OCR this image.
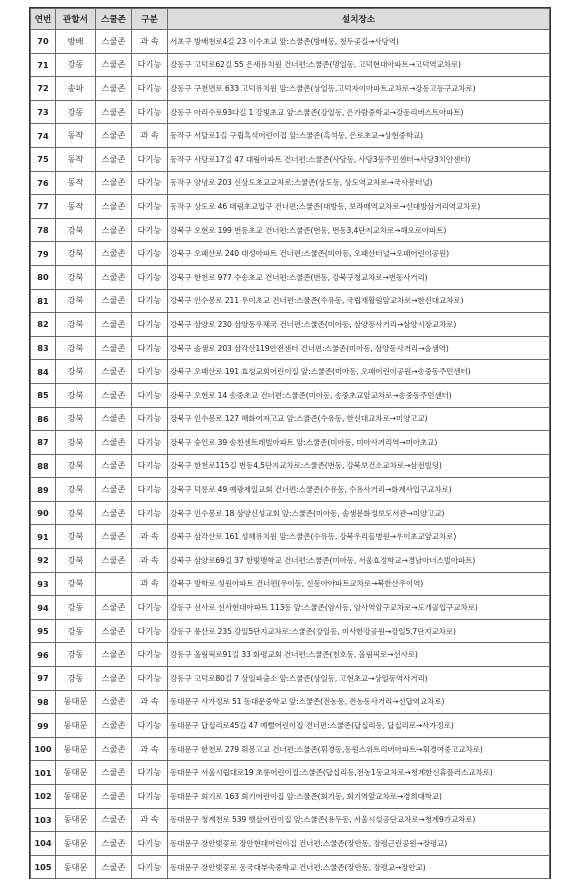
연번	관할서	스쿨존	구분	설치장소
70	방배	스쿨존	과 속	서초구 방배천로4길 23 이수초교 앞:스쿨존(방배동, 청두곶길→사당역)
71	강동	스쿨존	다기능	강동구 고덕로62길 55 은새유치원 건너편:스쿨존(명일동, 고덕현대아파트→고덕역교차로)
72	송파	스쿨존	다기능	강동구 구천면로 633 고덕유치원 앞:스쿨존(상일동,고덕자이아파트교차로→강동고등구교차로)
73	강동	스쿨존	다기능	강동구 아리수로93다길 1 강빛초교 앞:스쿨존(강일동, 은가람중학교→강동리버스트아파트)
74	동작	스쿨존	과 속	동작구 서달로1길 구립흑석어린이집 앞:스쿨존(흑석동, 은로초교→상현중학교)
75	동작	스쿨존	다기능	동작구 사당로17길 47 대림아파트 건너편:스쿨존(사당동, 사당3동주민센터→사당3치안센터)
76	동작	스쿨존	다기능	동작구 양녕로 203 신상도초교교차로:스쿨존(상도동, 상도역교차로→국사봉터널)
77	동작	스쿨존	다기능	동작구 상도로 46 대림초교입구 건너편:스쿨존(대방동, 보라매역교차로→신대방삼거리역교차로)
78	강북	스쿨존	다기능	강북구 오현로 199 번동초교 건너편:스쿨존(번동, 번동3,4단지교차로→해오로아파트)
79	강북	스쿨존	다기능	강북구 오패산로 240 대성아파트 건너편:스쿨존(미아동, 오패산터널→오패어린이공원)
80	강북	스쿨존	다기능	강북구 한천로 977 수송초교 건너편:스쿨존(번동, 강북구청교차로→번동사거리)
81	강북	스쿨존	다기능	강북구 인수봉로 211 우이초교 건너편:스쿨존(수유동, 국립재활원앞교차로→한신대교차로)
82	강북	스쿨존	다기능	강북구 삼양로 230 삼양동우체국 건너편:스쿨존(미아동, 삼양동사거리→삼양시장교차로)
83	강북	스쿨존	다기능	강북구 솔샘로 203 삼각산119안전센터 건너편:스쿨존(미아동, 삼양동사거리→솔샘역)
84	강북	스쿨존	다기능	강북구 오패산로 191 효성교회어린이집 앞:스쿨존(미아동, 오패어린이공원→송중동주민센터)
85	강북	스쿨존	다기능	강북구 오현로 14 송중초교 건너편:스쿨존(미아동, 송중초교앞교차로→송중동주민센터)
86	강북	스쿨존	다기능	강북구 인수봉로 127 혜화여자고교 앞:스쿨존(수유동, 한신대교차로→미양고교)
87	강북	스쿨존	다기능	강북구 숭인로 39 송천센트레빌아파트 앞:스쿨존(미아동, 미아사거리역→미아초교)
88	강북	스쿨존	다기능	강북구 한천로115길 번동4,5단지교차로:스쿨존(번동, 강북보건소교차로→삼전빌딩)
89	강북	스쿨존	다기능	강북구 덕릉로 49 예광제일교회 건너편:스쿨존(수유동, 수유사거리→화계사입구교차로)
90	강북	스쿨존	다기능	강북구 인수봉로 18 삼양신성교회 앞:스쿨존(미아동, 솔샘문화정보도서관→미양고교)
91	강북	스쿨존	과 속	강북구 삼각산로 161 성혜유치원 앞:스쿨존(수유동, 강북우리들병원→우이초교앞교차로)
92	강북	스쿨존	과 속	강북구 삼양로69길 37 한빛맹학교 건너편:스쿨존(미아동, 서울효정학교→경남아너스빌아파트)
93	강북		과 속	강북구 방학로 성원아파트 건너편(우이동, 신동아아파트교차로→북한산우이역)
94	강동	스쿨존	다기능	강동구 선사로 선사현대아파트 113동 앞:스쿨존(암사동, 암사역암구교차로→도개골입구교차로)
95	강동	스쿨존	다기능	강동구 풍산로 235 강일5단지교차로:스쿨존(강일동, 미사한강공원→강일5,7단지교차로)
96	강동	스쿨존	다기능	강동구 올림픽로91길 33 화평교회 건너편:스쿨존(천호동, 올림픽로→선사로)
97	강동	스쿨존	다기능	강동구 고덕로80길 7 상일파출소 앞:스쿨존(상일동, 고현초교→상일동역사거리)
98	동대문	스쿨존	과 속	동대문구 사가정로 51 동대문중학교 앞:스쿨존(전농동, 전농동사거리→신답역교차로)
99	동대문	스쿨존	다기능	동대문구 답십리로45길 47 예뻘어린이집 건너편:스쿨존(답십리동, 답십리로→사가정로)
100	동대문	스쿨존	과 속	동대문구 한천로 279 휘봉고교 건너편:스쿨존(휘경동,동원스위트리버아파트→휘경여중고교차로)
101	동대문	스쿨존	다기능	동대문구 서울시립대로19 초롱어린이집:스쿨존(답십리동,전농1동교차로→청계한신휴플러스교차로)
102	동대문	스쿨존	다기능	동대문구 회기로 163 회기어린이집 앞:스쿨존(회기동, 회기역앞교차로→경희대학교)
103	동대문	스쿨존	과 속	동대문구 청계천로 539 햇살어린이집 앞:스쿨존(용두동, 서울시설공단교차로→청계9가교차로)
104	동대문	스쿨존	다기능	동대문구 장안벚꽃로 장안현대어린이집 건너편:스쿨존(장안동, 장평근린공원→장평교)
105	동대문	스쿨존	다기능	동대문구 장안벚꽃로 동국대부속중학교 건너편:스쿨존(장안동, 장평교→장안교)
